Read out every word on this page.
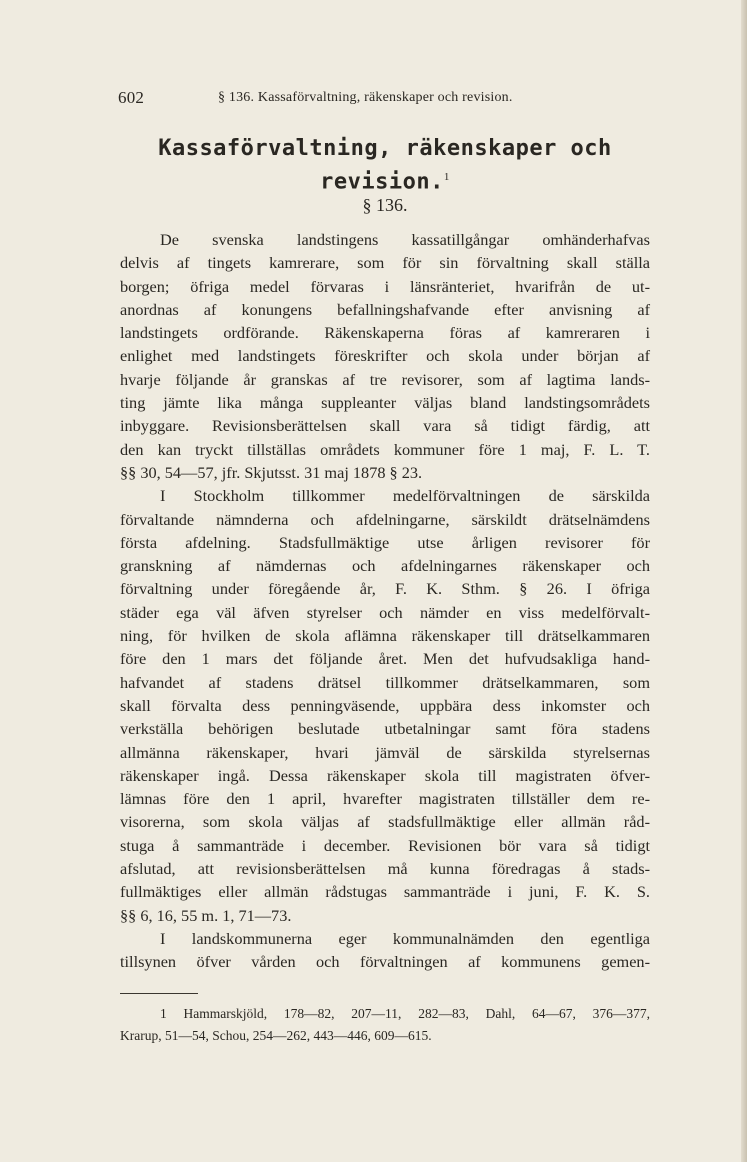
602	§ 136. Kassaförvaltning, räkenskaper och revision.
Kassaförvaltning, räkenskaper och
revision.$^1$
§ 136.
De svenska landstingens kassatillgångar omhänderhafvas
delvis af tingets kamrerare, som för sin förvaltning skall ställa
borgen; öfriga medel förvaras i länsränteriet, hvarifrån de ut-
anordnas af konungens befallningshafvande efter anvisning af
landstingets ordförande. Räkenskaperna föras af kamreraren i
enlighet med landstingets föreskrifter och skola under början af
hvarje följande år granskas af tre revisorer, som af lagtima lands-
ting jämte lika många suppleanter väljas bland landstingsområdets
inbyggare. Revisionsberättelsen skall vara så tidigt färdig, att
den kan tryckt tillställas områdets kommuner före 1 maj, F. L. T.
§§ 30, 54—57, jfr. Skjutsst. 31 maj 1878 § 23.
I Stockholm tillkommer medelförvaltningen de särskilda
förvaltande nämnderna och afdelningarne, särskildt drätselnämdens
första afdelning. Stadsfullmäktige utse årligen revisorer för
granskning af nämdernas och afdelningarnes räkenskaper och
förvaltning under föregående år, F. K. Sthm. § 26. I öfriga
städer ega väl äfven styrelser och nämder en viss medelförvalt-
ning, för hvilken de skola aflämna räkenskaper till drätselkammaren
före den 1 mars det följande året. Men det hufvudsakliga hand-
hafvandet af stadens drätsel tillkommer drätselkammaren, som
skall förvalta dess penningväsende, uppbära dess inkomster och
verkställa behörigen beslutade utbetalningar samt föra stadens
allmänna räkenskaper, hvari jämväl de särskilda styrelsernas
räkenskaper ingå. Dessa räkenskaper skola till magistraten öfver-
lämnas före den 1 april, hvarefter magistraten tillställer dem re-
visorerna, som skola väljas af stadsfullmäktige eller allmän råd-
stuga å sammanträde i december. Revisionen bör vara så tidigt
afslutad, att revisionsberättelsen må kunna föredragas å stads-
fullmäktiges eller allmän rådstugas sammanträde i juni, F. K. S.
§§ 6, 16, 55 m. 1, 71—73.
I landskommunerna eger kommunalnämden den egentliga
tillsynen öfver vården och förvaltningen af kommunens gemen-
1 Hammarskjöld, 178—82, 207—11, 282—83, Dahl, 64—67, 376—377,
Krarup, 51—54, Schou, 254—262, 443—446, 609—615.
